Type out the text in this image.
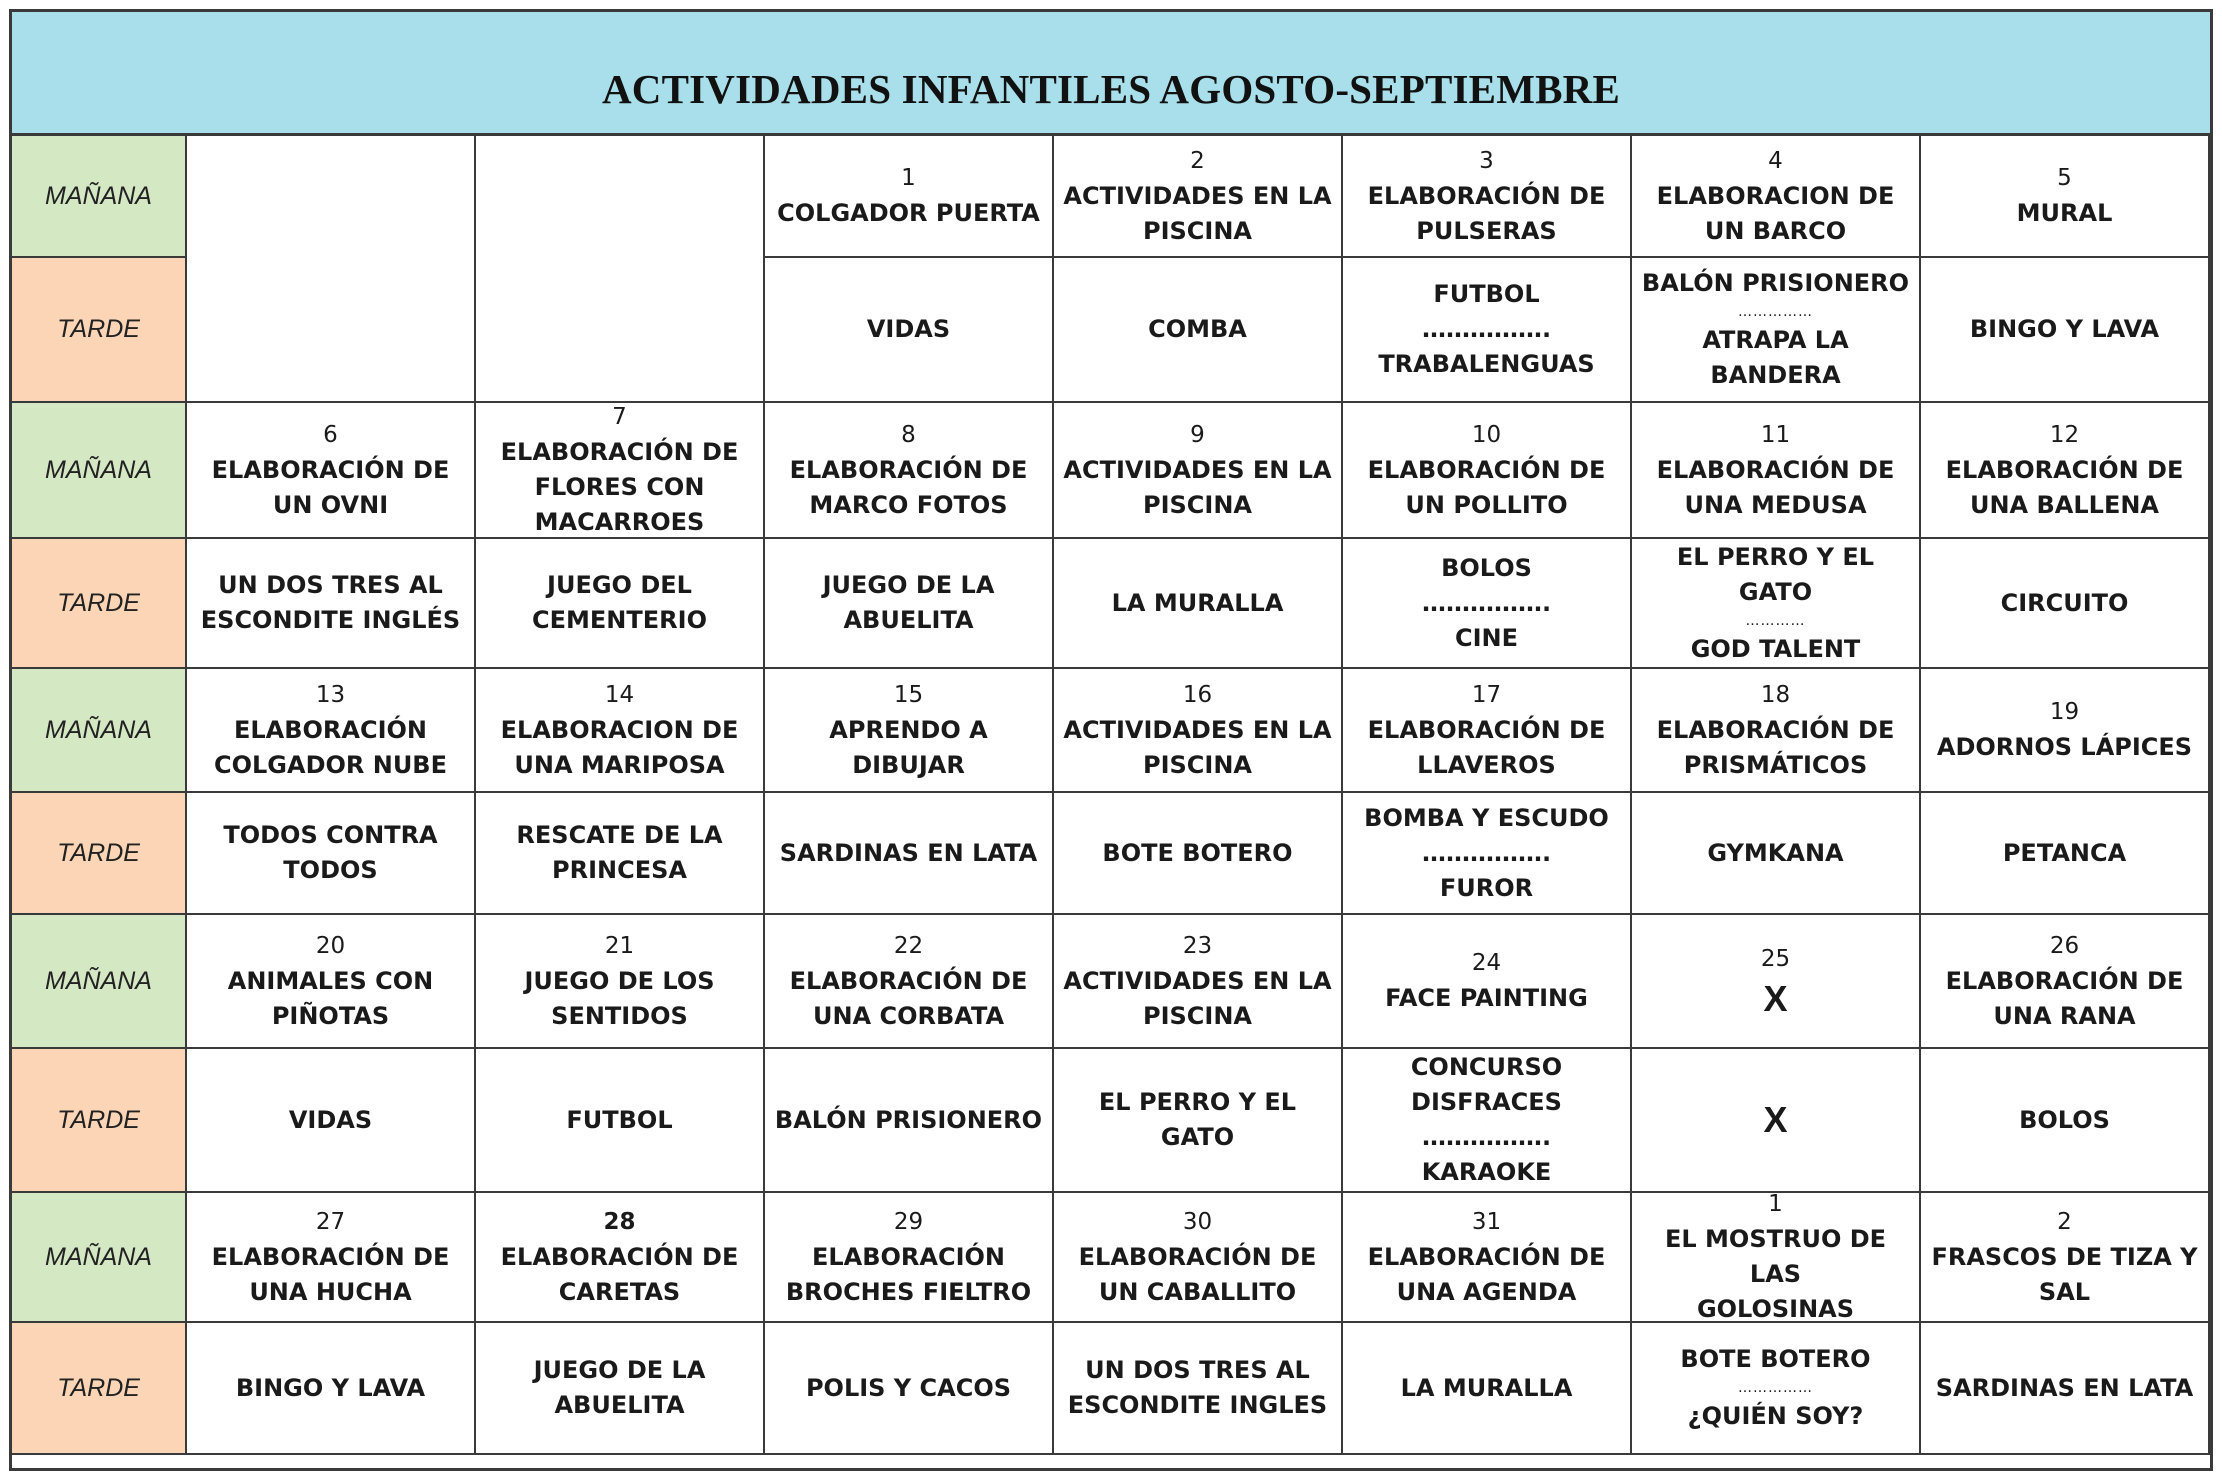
ACTIVIDADES INFANTILES AGOSTO-SEPTIEMBRE
MAÑANA
TARDE
1
COLGADOR PUERTA
VIDAS
2
ACTIVIDADES EN LA
PISCINA
COMBA
3
ELABORACIÓN DE
PULSERAS
FUTBOL
…………….
TRABALENGUAS
4
ELABORACION DE
UN BARCO
BALÓN PRISIONERO
……………
ATRAPA LA
BANDERA
5
MURAL
BINGO Y LAVA
MAÑANA
TARDE
6
ELABORACIÓN DE
UN OVNI
UN DOS TRES AL
ESCONDITE INGLÉS
7
ELABORACIÓN DE
FLORES CON
MACARROES
JUEGO DEL
CEMENTERIO
8
ELABORACIÓN DE
MARCO FOTOS
JUEGO DE LA
ABUELITA
9
ACTIVIDADES EN LA
PISCINA
LA MURALLA
10
ELABORACIÓN DE
UN POLLITO
BOLOS
…………….
CINE
11
ELABORACIÓN DE
UNA MEDUSA
EL PERRO Y EL GATO
…………
GOD TALENT
12
ELABORACIÓN DE
UNA BALLENA
CIRCUITO
MAÑANA
TARDE
13
ELABORACIÓN
COLGADOR NUBE
TODOS CONTRA
TODOS
14
ELABORACION DE
UNA MARIPOSA
RESCATE DE LA
PRINCESA
15
APRENDO A
DIBUJAR
SARDINAS EN LATA
16
ACTIVIDADES EN LA
PISCINA
BOTE BOTERO
17
ELABORACIÓN DE
LLAVEROS
BOMBA Y ESCUDO
…………….
FUROR
18
ELABORACIÓN DE
PRISMÁTICOS
GYMKANA
19
ADORNOS LÁPICES
PETANCA
MAÑANA
TARDE
20
ANIMALES CON
PIÑOTAS
VIDAS
21
JUEGO DE LOS
SENTIDOS
FUTBOL
22
ELABORACIÓN DE
UNA CORBATA
BALÓN PRISIONERO
23
ACTIVIDADES EN LA
PISCINA
EL PERRO Y EL GATO
24
FACE PAINTING
CONCURSO
DISFRACES
…………….
KARAOKE
25
X
X
26
ELABORACIÓN DE
UNA RANA
BOLOS
MAÑANA
TARDE
27
ELABORACIÓN DE
UNA HUCHA
BINGO Y LAVA
28
ELABORACIÓN DE
CARETAS
JUEGO DE LA
ABUELITA
29
ELABORACIÓN
BROCHES FIELTRO
POLIS Y CACOS
30
ELABORACIÓN DE
UN CABALLITO
UN DOS TRES AL
ESCONDITE INGLES
31
ELABORACIÓN DE
UNA AGENDA
LA MURALLA
1
EL MOSTRUO DE LAS
GOLOSINAS
BOTE BOTERO
……………
¿QUIÉN SOY?
2
FRASCOS DE TIZA Y
SAL
SARDINAS EN LATA
